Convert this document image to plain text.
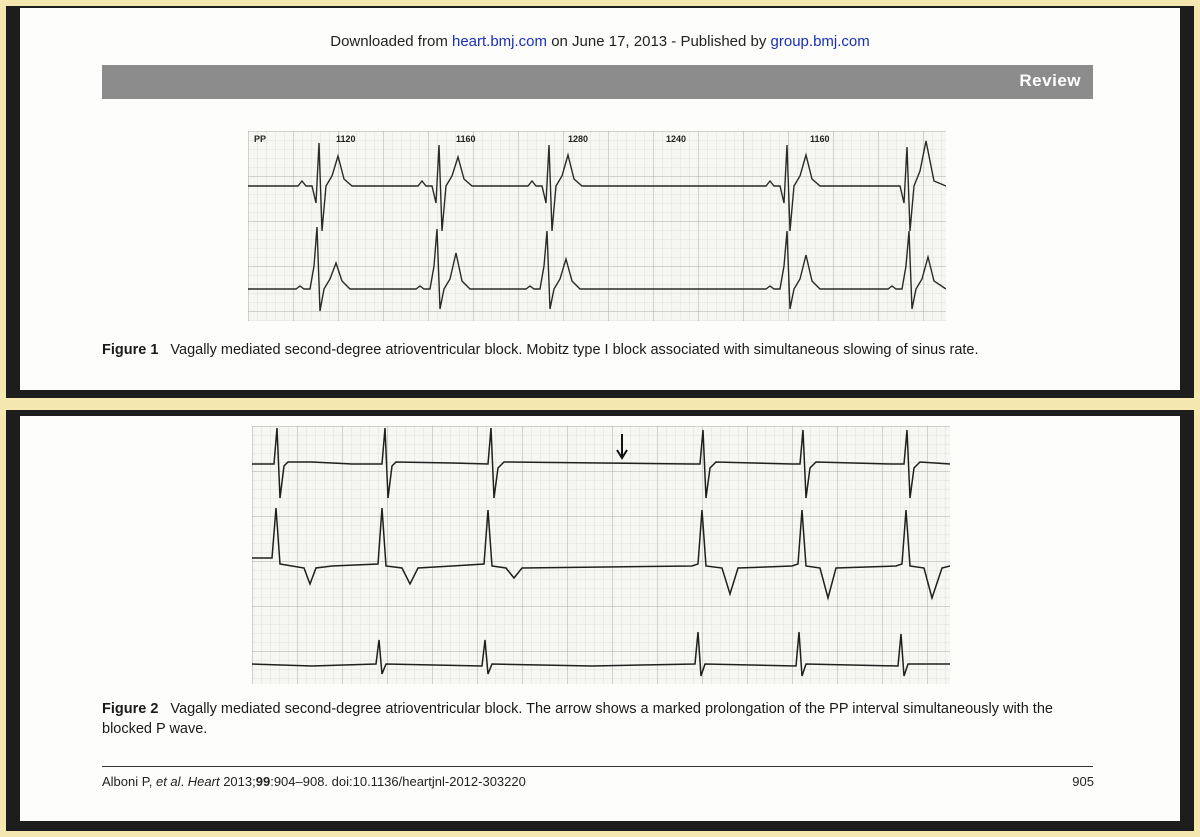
Downloaded from heart.bmj.com on June 17, 2013 - Published by group.bmj.com
Review
PP	1120	1160	1280	1240	1160
Figure 1 Vagally mediated second-degree atrioventricular block. Mobitz type I block associated with simultaneous slowing of sinus rate.
Figure 2 Vagally mediated second-degree atrioventricular block. The arrow shows a marked prolongation of the PP interval simultaneously with the blocked P wave.
Alboni P, et al. Heart 2013;99:904–908. doi:10.1136/heartjnl-2012-303220	905
